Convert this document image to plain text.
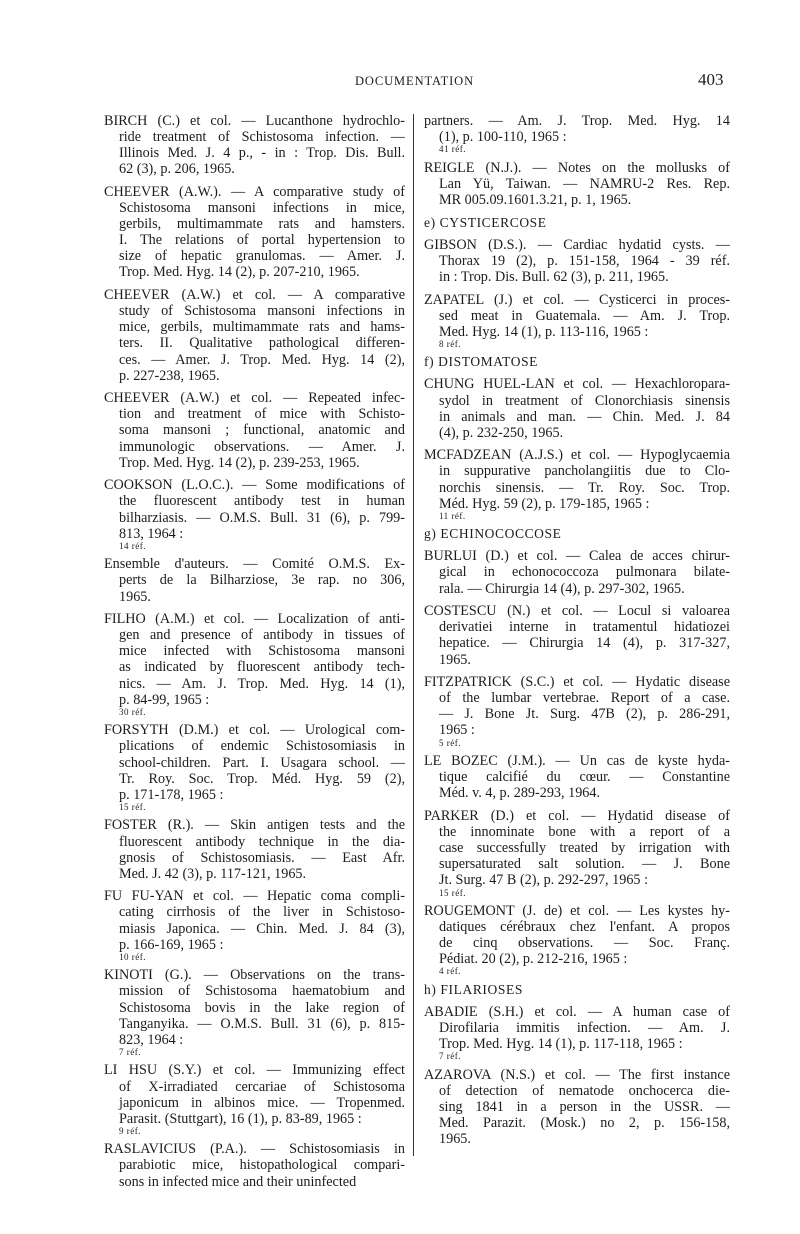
DOCUMENTATION	403
BIRCH (C.) et col. — Lucanthone hydrochlo-
ride treatment of Schistosoma infection. —
Illinois Med. J. 4 p., - in : Trop. Dis. Bull.
62 (3), p. 206, 1965.
CHEEVER (A.W.). — A comparative study of
Schistosoma mansoni infections in mice,
gerbils, multimammate rats and hamsters.
I. The relations of portal hypertension to
size of hepatic granulomas. — Amer. J.
Trop. Med. Hyg. 14 (2), p. 207-210, 1965.
CHEEVER (A.W.) et col. — A comparative
study of Schistosoma mansoni infections in
mice, gerbils, multimammate rats and hams-
ters. II. Qualitative pathological differen-
ces. — Amer. J. Trop. Med. Hyg. 14 (2),
p. 227-238, 1965.
CHEEVER (A.W.) et col. — Repeated infec-
tion and treatment of mice with Schisto-
soma mansoni ; functional, anatomic and
immunologic observations. — Amer. J.
Trop. Med. Hyg. 14 (2), p. 239-253, 1965.
COOKSON (L.O.C.). — Some modifications of
the fluorescent antibody test in human
bilharziasis. — O.M.S. Bull. 31 (6), p. 799-
813, 1964 :
14 réf.
Ensemble d'auteurs. — Comité O.M.S. Ex-
perts de la Bilharziose, 3e rap. no 306,
1965.
FILHO (A.M.) et col. — Localization of anti-
gen and presence of antibody in tissues of
mice infected with Schistosoma mansoni
as indicated by fluorescent antibody tech-
nics. — Am. J. Trop. Med. Hyg. 14 (1),
p. 84-99, 1965 :
30 réf.
FORSYTH (D.M.) et col. — Urological com-
plications of endemic Schistosomiasis in
school-children. Part. I. Usagara school. —
Tr. Roy. Soc. Trop. Méd. Hyg. 59 (2),
p. 171-178, 1965 :
15 réf.
FOSTER (R.). — Skin antigen tests and the
fluorescent antibody technique in the dia-
gnosis of Schistosomiasis. — East Afr.
Med. J. 42 (3), p. 117-121, 1965.
FU FU-YAN et col. — Hepatic coma compli-
cating cirrhosis of the liver in Schistoso-
miasis Japonica. — Chin. Med. J. 84 (3),
p. 166-169, 1965 :
10 réf.
KINOTI (G.). — Observations on the trans-
mission of Schistosoma haematobium and
Schistosoma bovis in the lake region of
Tanganyika. — O.M.S. Bull. 31 (6), p. 815-
823, 1964 :
7 réf.
LI HSU (S.Y.) et col. — Immunizing effect
of X-irradiated cercariae of Schistosoma
japonicum in albinos mice. — Tropenmed.
Parasit. (Stuttgart), 16 (1), p. 83-89, 1965 :
9 réf.
RASLAVICIUS (P.A.). — Schistosomiasis in
parabiotic mice, histopathological compari-
sons in infected mice and their uninfected
partners. — Am. J. Trop. Med. Hyg. 14
(1), p. 100-110, 1965 :
41 réf.
REIGLE (N.J.). — Notes on the mollusks of
Lan Yü, Taiwan. — NAMRU-2 Res. Rep.
MR 005.09.1601.3.21, p. 1, 1965.
e) CYSTICERCOSE
GIBSON (D.S.). — Cardiac hydatid cysts. —
Thorax 19 (2), p. 151-158, 1964 - 39 réf.
in : Trop. Dis. Bull. 62 (3), p. 211, 1965.
ZAPATEL (J.) et col. — Cysticerci in proces-
sed meat in Guatemala. — Am. J. Trop.
Med. Hyg. 14 (1), p. 113-116, 1965 :
8 réf.
f) DISTOMATOSE
CHUNG HUEL-LAN et col. — Hexachloropara-
sydol in treatment of Clonorchiasis sinensis
in animals and man. — Chin. Med. J. 84
(4), p. 232-250, 1965.
MCFADZEAN (A.J.S.) et col. — Hypoglycaemia
in suppurative pancholangiitis due to Clo-
norchis sinensis. — Tr. Roy. Soc. Trop.
Méd. Hyg. 59 (2), p. 179-185, 1965 :
11 réf.
g) ECHINOCOCCOSE
BURLUI (D.) et col. — Calea de acces chirur-
gical in echonococcoza pulmonara bilate-
rala. — Chirurgia 14 (4), p. 297-302, 1965.
COSTESCU (N.) et col. — Locul si valoarea
derivatiei interne in tratamentul hidatiozei
hepatice. — Chirurgia 14 (4), p. 317-327,
1965.
FITZPATRICK (S.C.) et col. — Hydatic disease
of the lumbar vertebrae. Report of a case.
— J. Bone Jt. Surg. 47B (2), p. 286-291,
1965 :
5 réf.
LE BOZEC (J.M.). — Un cas de kyste hyda-
tique calcifié du cœur. — Constantine
Méd. v. 4, p. 289-293, 1964.
PARKER (D.) et col. — Hydatid disease of
the innominate bone with a report of a
case successfully treated by irrigation with
supersaturated salt solution. — J. Bone
Jt. Surg. 47 B (2), p. 292-297, 1965 :
15 réf.
ROUGEMONT (J. de) et col. — Les kystes hy-
datiques cérébraux chez l'enfant. A propos
de cinq observations. — Soc. Franç.
Pédiat. 20 (2), p. 212-216, 1965 :
4 réf.
h) FILARIOSES
ABADIE (S.H.) et col. — A human case of
Dirofilaria immitis infection. — Am. J.
Trop. Med. Hyg. 14 (1), p. 117-118, 1965 :
7 réf.
AZAROVA (N.S.) et col. — The first instance
of detection of nematode onchocerca die-
sing 1841 in a person in the USSR. —
Med. Parazit. (Mosk.) no 2, p. 156-158,
1965.
